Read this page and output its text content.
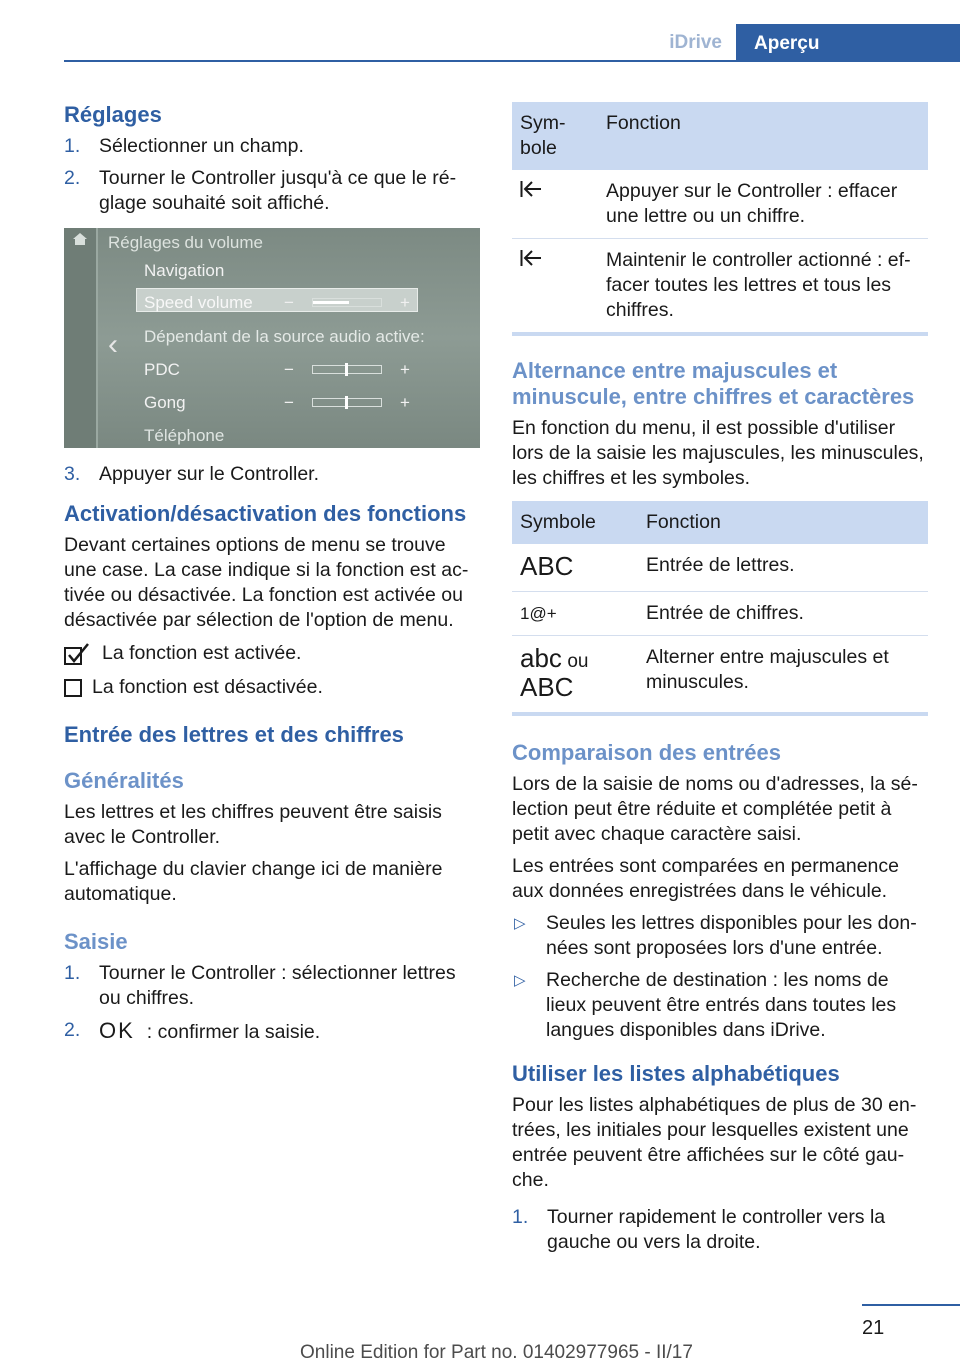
iDrive	Aperçu
Réglages
1. Sélectionner un champ.
2. Tourner le Controller jusqu'à ce que le ré‐glage souhaité soit affiché.
‹
Réglages du volume
Navigation
Speed volume −	+
Dépendant de la source audio active:
PDC	−	+
Gong	−	+
Téléphone
3. Appuyer sur le Controller.
Activation/désactivation des fonctions

Devant certaines options de menu se trouve une case. La case indique si la fonction est ac‐tivée ou désactivée. La fonction est activée ou désactivée par sélection de l'option de menu.

La fonction est activée.
La fonction est désactivée.
Entrée des lettres et des chiffres
Généralités

Les lettres et les chiffres peuvent être saisis avec le Controller.

L'affichage du clavier change ici de manière automatique.

Saisie
1. Tourner le Controller : sélectionner lettres ou chiffres.
2. OK : confirmer la saisie.
Sym‐bole	Fonction
	Appuyer sur le Controller : effacer une lettre ou un chiffre.
	Maintenir le controller actionné : ef‐facer toutes les lettres et tous les chiffres.
Alternance entre majuscules et minuscule, entre chiffres et caractères

En fonction du menu, il est possible d'utiliser lors de la saisie les majuscules, les minuscules, les chiffres et les symboles.

Symbole	Fonction
ABC	Entrée de lettres.
1@+	Entrée de chiffres.
abc ou
ABC	Alterner entre majuscules et minuscules.
Comparaison des entrées

Lors de la saisie de noms ou d'adresses, la sé‐lection peut être réduite et complétée petit à petit avec chaque caractère saisi.

Les entrées sont comparées en permanence aux données enregistrées dans le véhicule.

▷ Seules les lettres disponibles pour les don‐nées sont proposées lors d'une entrée.
▷ Recherche de destination : les noms de lieux peuvent être entrés dans toutes les langues disponibles dans iDrive.
Utiliser les listes alphabétiques

Pour les listes alphabétiques de plus de 30 en‐trées, les initiales pour lesquelles existent une entrée peuvent être affichées sur le côté gau‐che.

1. Tourner rapidement le controller vers la gauche ou vers la droite.
21
Online Edition for Part no. 01402977965 - II/17
